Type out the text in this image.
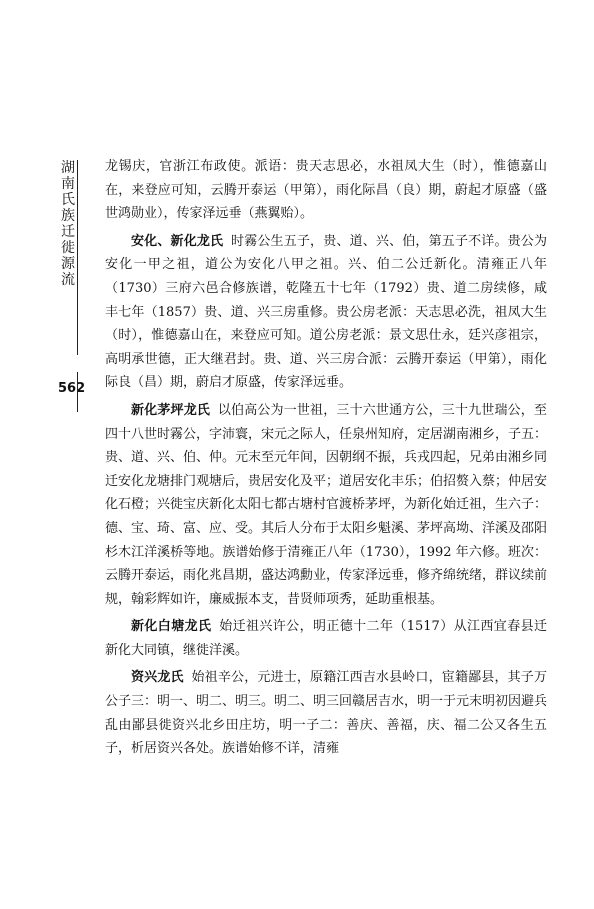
湖南氏族迁徙源流
562

龙锡庆，官浙江布政使。派语：贵天志思必，水祖凤大生（时），惟德嘉山在，来登应可知，云腾开泰运（甲第），雨化际昌（良）期，蔚起才原盛（盛世鸿勋业），传家泽远垂（燕翼贻）。

安化、新化龙氏 时霧公生五子，贵、道、兴、伯，第五子不详。贵公为安化一甲之祖，道公为安化八甲之祖。兴、伯二公迁新化。清雍正八年（1730）三府六邑合修族谱，乾隆五十七年（1792）贵、道二房续修，咸丰七年（1857）贵、道、兴三房重修。贵公房老派：天志思必洗，祖凤大生（时），惟德嘉山在，来登应可知。道公房老派：景文思仕永，廷兴彦祖宗，高明承世德，正大继君封。贵、道、兴三房合派：云腾开泰运（甲第），雨化际良（昌）期，蔚启才原盛，传家泽远垂。

新化茅坪龙氏 以伯高公为一世祖，三十六世通方公，三十九世瑞公，至四十八世时霧公，字沛寰，宋元之际人，任泉州知府，定居湖南湘乡，子五：贵、道、兴、伯、仲。元末至元年间，因朝纲不振，兵戎四起，兄弟由湘乡同迁安化龙塘排门观塘后，贵居安化及平；道居安化丰乐；伯招赘入蔡；仲居安化石橙；兴徙宝庆新化太阳七都古塘村官渡桥茅坪，为新化始迁祖，生六子：德、宝、琦、富、应、受。其后人分布于太阳乡魁溪、茅坪高坳、洋溪及邵阳杉木江洋溪桥等地。族谱始修于清雍正八年（1730），1992 年六修。班次：云腾开泰运，雨化兆昌期，盛达鸿勳业，传家泽远垂，修齐绵统绪，群议续前规，翰彩辉如许，廉威振本支，昔贤师项秀，延助重根基。

新化白塘龙氏 始迁祖兴许公，明正德十二年（1517）从江西宜春县迁新化大同镇，继徙洋溪。

资兴龙氏 始祖辛公，元进士，原籍江西吉水县岭口，宦籍鄙县，其子万公子三：明一、明二、明三。明二、明三回赣居吉水，明一于元末明初因避兵乱由鄙县徙资兴北乡田庄坊，明一子二：善庆、善福，庆、福二公又各生五子，析居资兴各处。族谱始修不详，清雍
